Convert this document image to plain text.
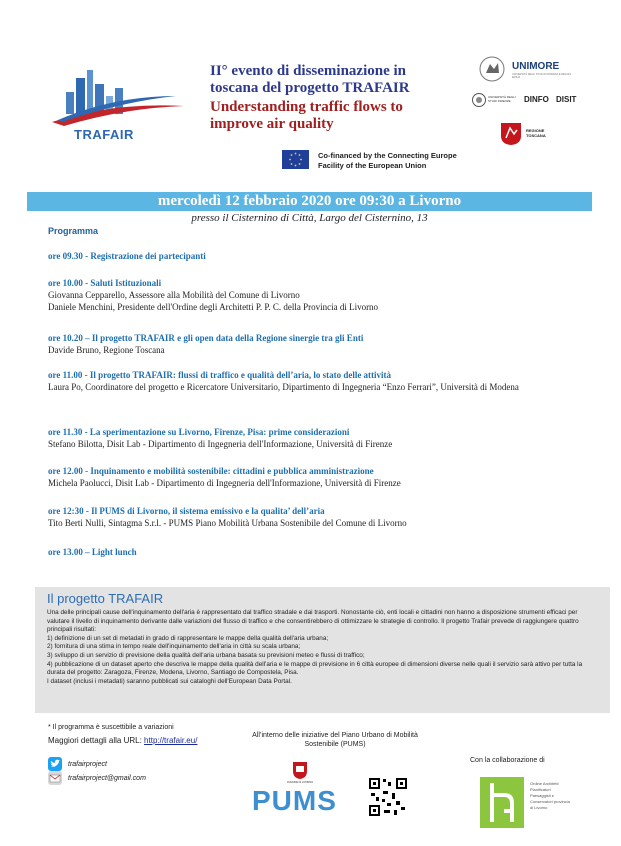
TRAFAIR
II° evento di disseminazione in toscana del progetto TRAFAIR
Understanding traffic flows to improve air quality
Co-financed by the Connecting Europe Facility of the European Union
UNIMORE
UNIVERSITÀ DEGLI STUDI DI MODENA E REGGIO EMILIA
UNIVERSITÀ DEGLI STUDI FIRENZE	DINFO DISIT
REGIONE TOSCANA
mercoledì 12 febbraio 2020 ore 09:30 a Livorno
presso il Cisternino di Città, Largo del Cisternino, 13
Programma
ore 09.30 - Registrazione dei partecipanti
ore 10.00 - Saluti Istituzionali
Giovanna Cepparello, Assessore alla Mobilità del Comune di Livorno
Daniele Menchini, Presidente dell'Ordine degli Architetti P. P. C. della Provincia di Livorno
ore 10.20 – Il progetto TRAFAIR e gli open data della Regione sinergie tra gli Enti
Davide Bruno, Regione Toscana
ore 11.00 - Il progetto TRAFAIR: flussi di traffico e qualità dell’aria, lo stato delle attività
Laura Po, Coordinatore del progetto e Ricercatore Universitario, Dipartimento di Ingegneria “Enzo Ferrari”, Università di Modena
ore 11.30 - La sperimentazione su Livorno, Firenze, Pisa: prime considerazioni
Stefano Bilotta, Disit Lab - Dipartimento di Ingegneria dell'Informazione, Università di Firenze
ore 12.00 - Inquinamento e mobilità sostenibile: cittadini e pubblica amministrazione
Michela Paolucci, Disit Lab - Dipartimento di Ingegneria dell'Informazione, Università di Firenze
ore 12:30 - Il PUMS di Livorno, il sistema emissivo e la qualita’ dell’aria
Tito Berti Nulli, Sintagma S.r.l. - PUMS Piano Mobilità Urbana Sostenibile del Comune di Livorno
ore 13.00 – Light lunch
Il progetto TRAFAIR

Una delle principali cause dell'inquinamento dell'aria è rappresentato dal traffico stradale e dai trasporti. Nonostante ciò, enti locali e cittadini non hanno a disposizione strumenti efficaci per valutare il livello di inquinamento derivante dalle variazioni del flusso di traffico e che consentirebbero di ottimizzare le strategie di controllo. Il progetto Trafair prevede di raggiungere quattro principali risultati:
1) definizione di un set di metadati in grado di rappresentare le mappe della qualità dell'aria urbana;
2) fornitura di una stima in tempo reale dell'inquinamento dell'aria in città su scala urbana;
3) sviluppo di un servizio di previsione della qualità dell'aria urbana basata su previsioni meteo e flussi di traffico;
4) pubblicazione di un dataset aperto che descriva le mappe della qualità dell'aria e le mappe di previsione in 6 città europee di dimensioni diverse nelle quali il servizio sarà attivo per tutta la durata del progetto: Zaragoza, Firenze, Modena, Livorno, Santiago de Compostela, Pisa.
I dataset (inclusi i metadati) saranno pubblicati sui cataloghi dell'European Data Portal.

* Il programma è suscettibile a variazioni
Maggiori dettagli alla URL: http://trafair.eu/
trafairproject
trafairproject@gmail.com
All’interno delle iniziative del Piano Urbano di Mobilità Sostenibile (PUMS)
COMUNE DI LIVORNO
PUMS
Con la collaborazione di
Ordine Architetti Pianificatori Paesaggisti e Conservatori provincia di Livorno
